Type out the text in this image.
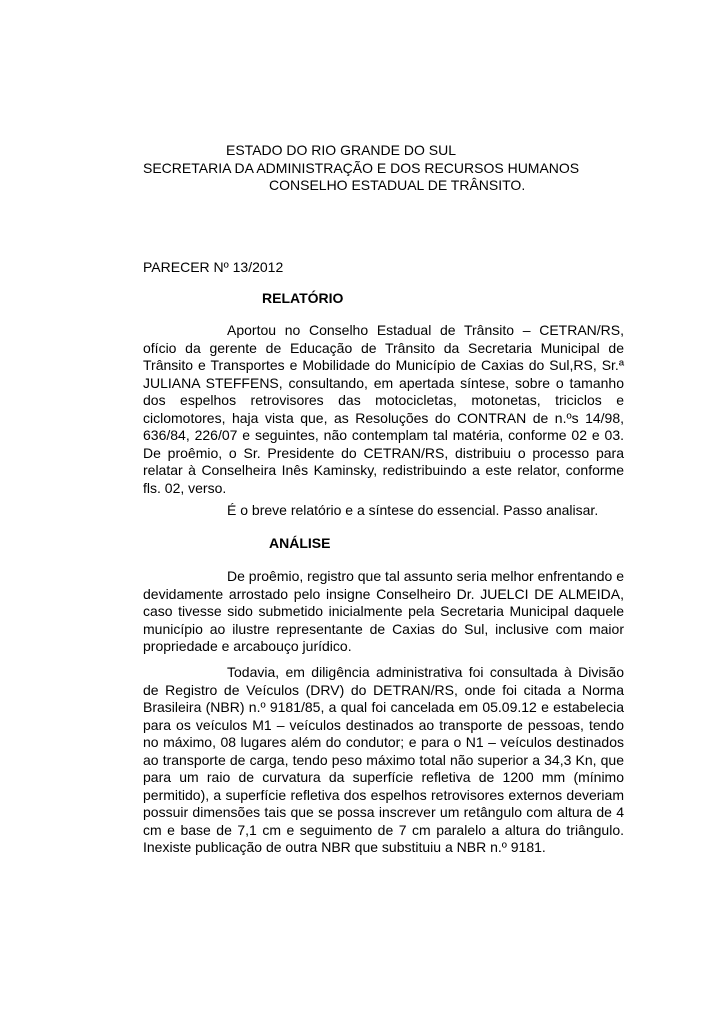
ESTADO DO RIO GRANDE DO SUL
SECRETARIA DA ADMINISTRAÇÃO E DOS RECURSOS HUMANOS
CONSELHO ESTADUAL DE TRÂNSITO.
PARECER Nº 13/2012
RELATÓRIO

Aportou no Conselho Estadual de Trânsito – CETRAN/RS, ofício da gerente de Educação de Trânsito da Secretaria Municipal de Trânsito e Transportes e Mobilidade do Município de Caxias do Sul,RS, Sr.ª JULIANA STEFFENS, consultando, em apertada síntese, sobre o tamanho dos espelhos retrovisores das motocicletas, motonetas, triciclos e ciclomotores, haja vista que, as Resoluções do CONTRAN de n.ºs 14/98, 636/84, 226/07 e seguintes, não contemplam tal matéria, conforme 02 e 03. De proêmio, o Sr. Presidente do CETRAN/RS, distribuiu o processo para relatar à Conselheira Inês Kaminsky, redistribuindo a este relator, conforme fls. 02, verso.

É o breve relatório e a síntese do essencial. Passo analisar.

ANÁLISE

De proêmio, registro que tal assunto seria melhor enfrentando e devidamente arrostado pelo insigne Conselheiro Dr. JUELCI DE ALMEIDA, caso tivesse sido submetido inicialmente pela Secretaria Municipal daquele município ao ilustre representante de Caxias do Sul, inclusive com maior propriedade e arcabouço jurídico.

Todavia, em diligência administrativa foi consultada à Divisão de Registro de Veículos (DRV) do DETRAN/RS, onde foi citada a Norma Brasileira (NBR) n.º 9181/85, a qual foi cancelada em 05.09.12 e estabelecia para os veículos M1 – veículos destinados ao transporte de pessoas, tendo no máximo, 08 lugares além do condutor; e para o N1 – veículos destinados ao transporte de carga, tendo peso máximo total não superior a 34,3 Kn, que para um raio de curvatura da superfície refletiva de 1200 mm (mínimo permitido), a superfície refletiva dos espelhos retrovisores externos deveriam possuir dimensões tais que se possa inscrever um retângulo com altura de 4 cm e base de 7,1 cm e seguimento de 7 cm paralelo a altura do triângulo. Inexiste publicação de outra NBR que substituiu a NBR n.º 9181.
